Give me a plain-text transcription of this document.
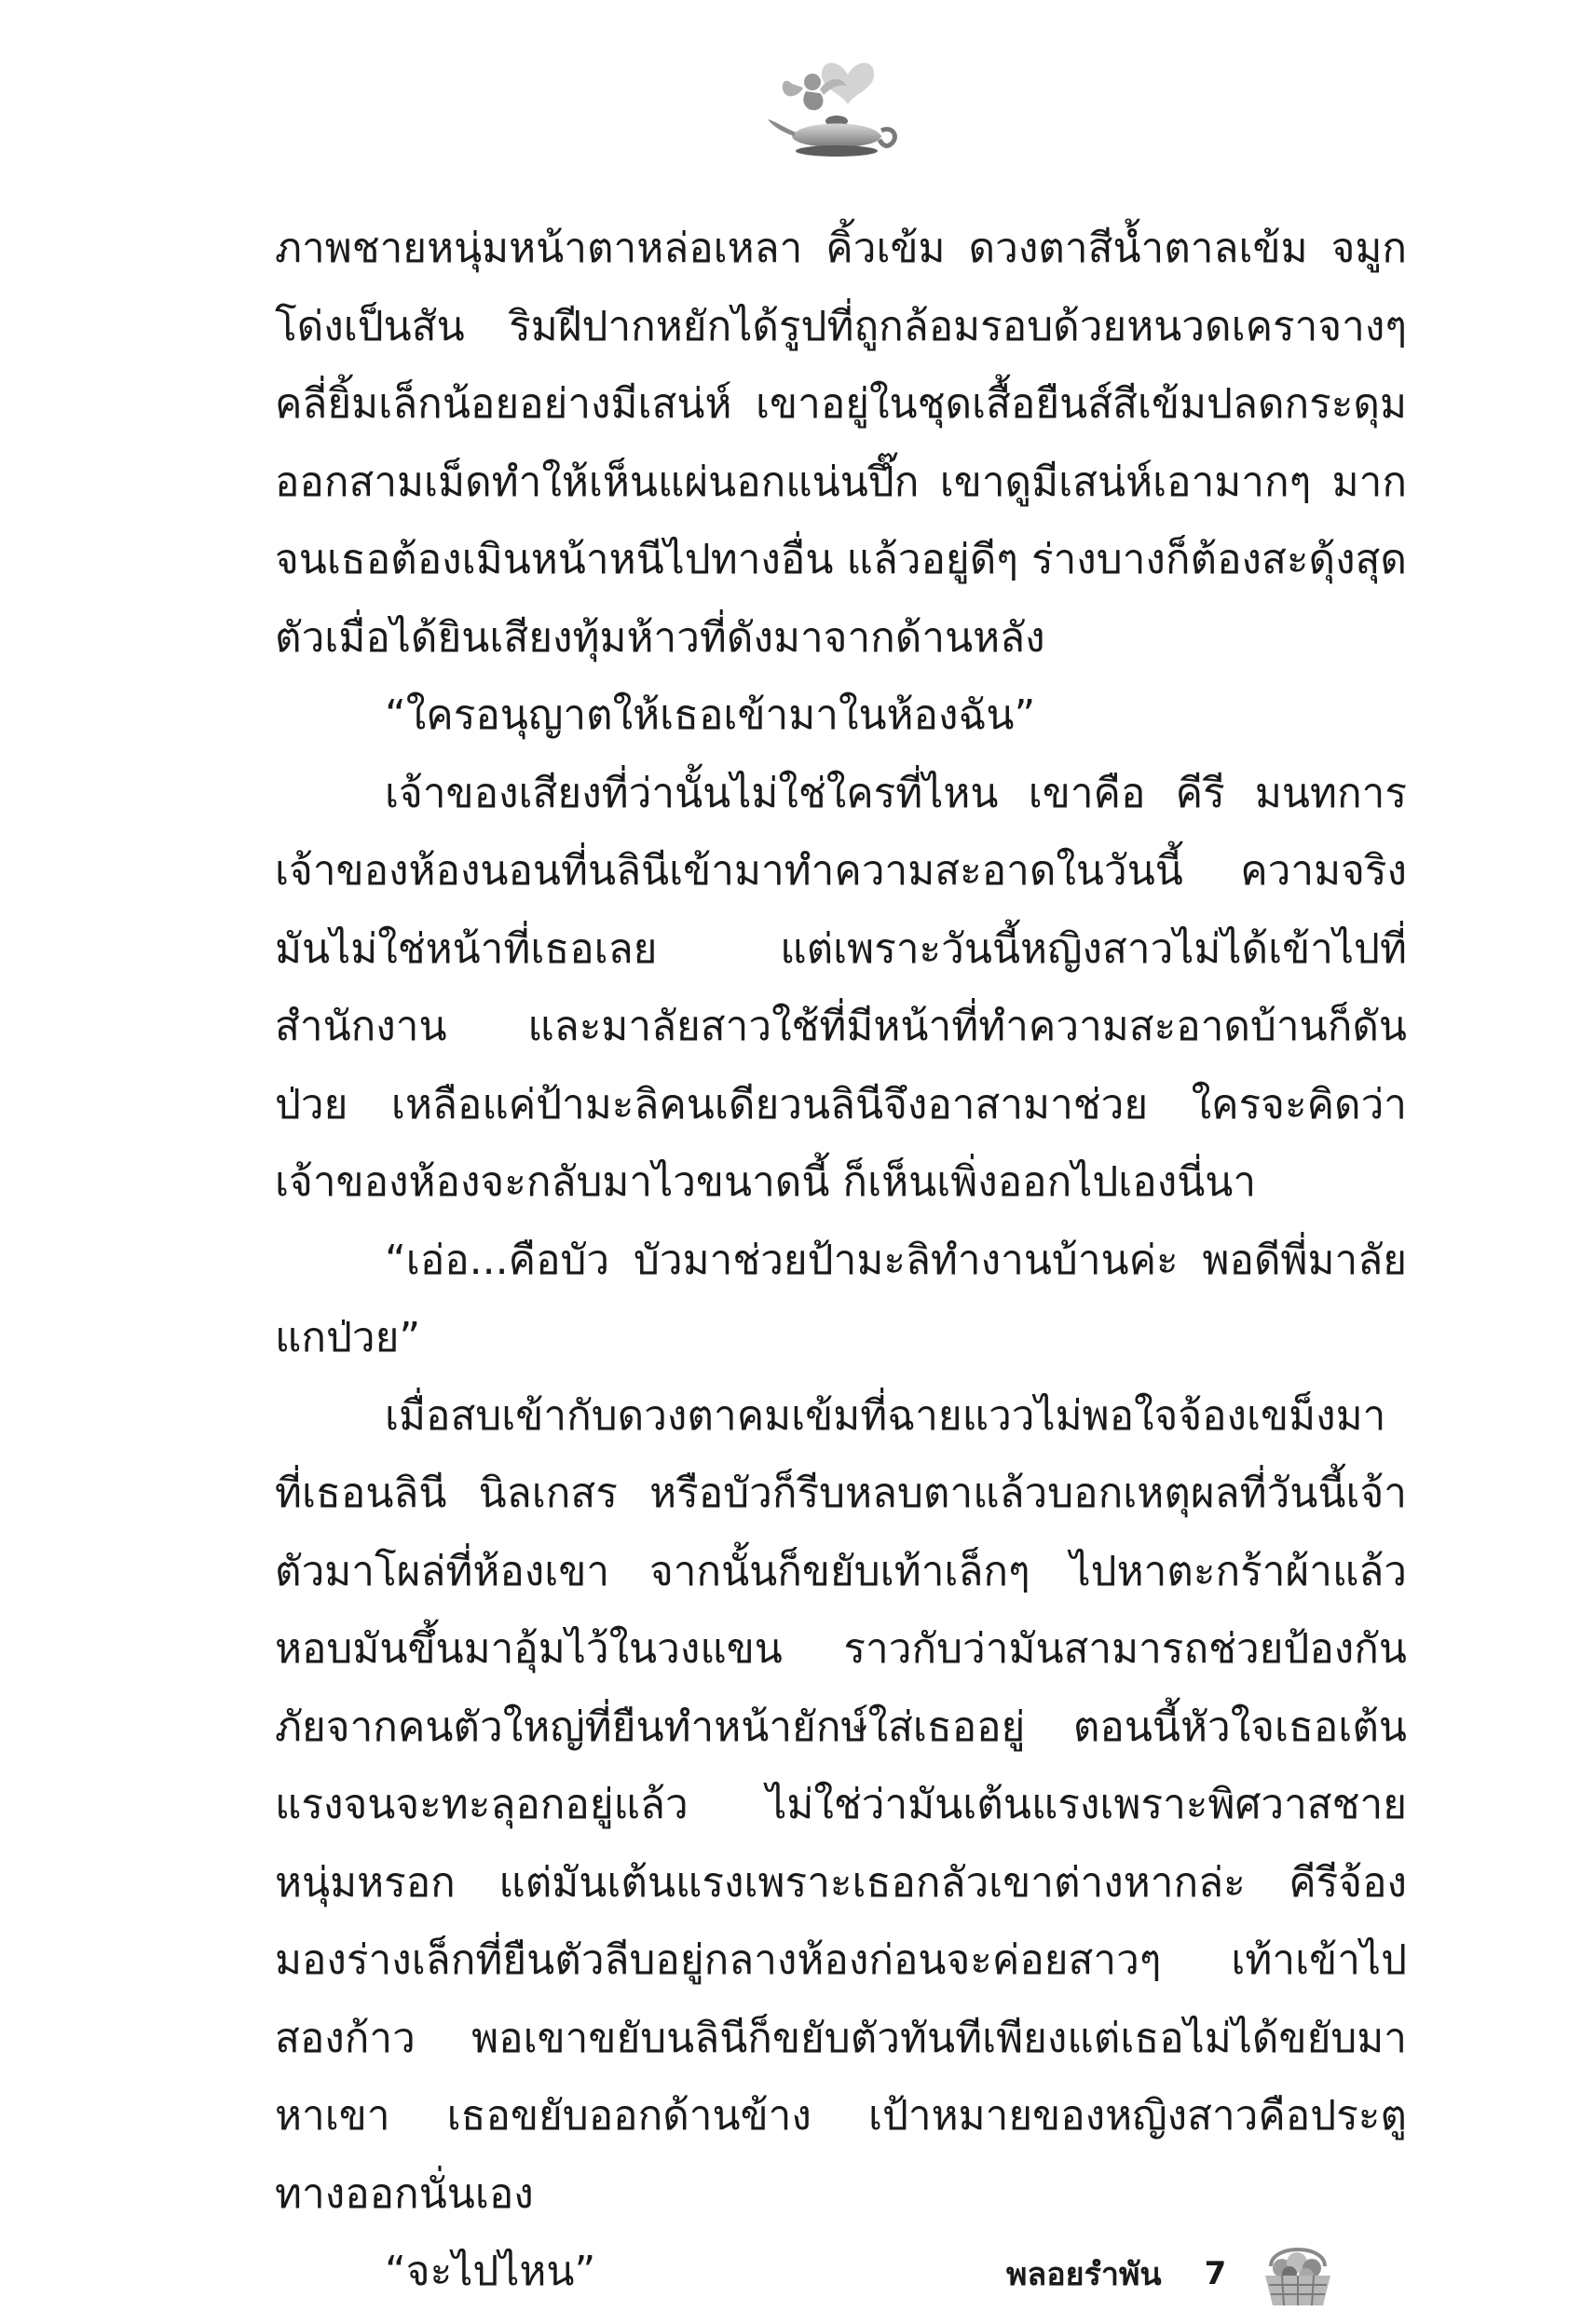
ภาพชายหนุ่มหน้าตาหล่อเหลา คิ้วเข้ม ดวงตาสีน้ำตาลเข้ม จมูกโด่งเป็นสัน ริมฝีปากหยักได้รูปที่ถูกล้อมรอบด้วยหนวดเคราจางๆ คลี่ยิ้มเล็กน้อยอย่างมีเสน่ห์ เขาอยู่ในชุดเสื้อยืนส์สีเข้มปลดกระดุมออกสามเม็ดทำให้เห็นแผ่นอกแน่นปึ๊ก เขาดูมีเสน่ห์เอามากๆ มากจนเธอต้องเมินหน้าหนีไปทางอื่น แล้วอยู่ดีๆ ร่างบางก็ต้องสะดุ้งสุดตัวเมื่อได้ยินเสียงทุ้มห้าวที่ดังมาจากด้านหลัง

“ใครอนุญาตให้เธอเข้ามาในห้องฉัน”

เจ้าของเสียงที่ว่านั้นไม่ใช่ใครที่ไหน เขาคือ คีรี มนทการ เจ้าของห้องนอนที่นลินีเข้ามาทำความสะอาดในวันนี้ ความจริงมันไม่ใช่หน้าที่เธอเลย แต่เพราะวันนี้หญิงสาวไม่ได้เข้าไปที่สำนักงาน และมาลัยสาวใช้ที่มีหน้าที่ทำความสะอาดบ้านก็ดันป่วย เหลือแค่ป้ามะลิคนเดียวนลินีจึงอาสามาช่วย ใครจะคิดว่าเจ้าของห้องจะกลับมาไวขนาดนี้ ก็เห็นเพิ่งออกไปเองนี่นา

“เอ่อ...คือบัว บัวมาช่วยป้ามะลิทำงานบ้านค่ะ พอดีพี่มาลัยแกป่วย”

เมื่อสบเข้ากับดวงตาคมเข้มที่ฉายแววไม่พอใจจ้องเขม็งมาที่เธอนลินี นิลเกสร หรือบัวก็รีบหลบตาแล้วบอกเหตุผลที่วันนี้เจ้าตัวมาโผล่ที่ห้องเขา จากนั้นก็ขยับเท้าเล็กๆ ไปหาตะกร้าผ้าแล้วหอบมันขึ้นมาอุ้มไว้ในวงแขน ราวกับว่ามันสามารถช่วยป้องกันภัยจากคนตัวใหญ่ที่ยืนทำหน้ายักษ์ใส่เธออยู่ ตอนนี้หัวใจเธอเต้นแรงจนจะทะลุอกอยู่แล้ว ไม่ใช่ว่ามันเต้นแรงเพราะพิศวาสชายหนุ่มหรอก แต่มันเต้นแรงเพราะเธอกลัวเขาต่างหากล่ะ คีรีจ้องมองร่างเล็กที่ยืนตัวลีบอยู่กลางห้องก่อนจะค่อยสาวๆ เท้าเข้าไปสองก้าว พอเขาขยับนลินีก็ขยับตัวทันทีเพียงแต่เธอไม่ได้ขยับมาหาเขา เธอขยับออกด้านข้าง เป้าหมายของหญิงสาวคือประตูทางออกนั่นเอง

“จะไปไหน”	พลอยรำพัน 7
